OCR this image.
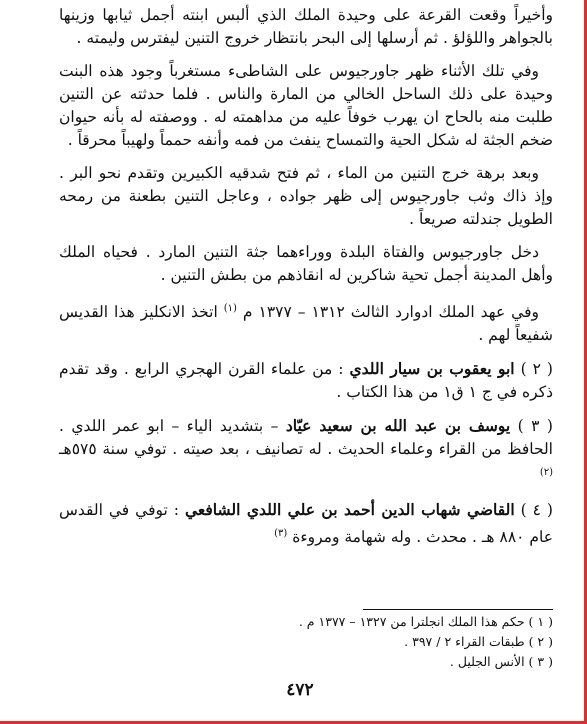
وأخيراً وقعت القرعة على وحيدة الملك الذي ألبس ابنته أجمل ثيابها وزينها بالجواهر واللؤلؤ . ثم أرسلها إلى البحر بانتظار خروج التنين ليفترس وليمته .

وفي تلك الأثناء ظهر جاورجيوس على الشاطىء مستغرباً وجود هذه البنت وحيدة على ذلك الساحل الخالي من المارة والناس . فلما حدثته عن التنين طلبت منه بالحاح ان يهرب خوفاً عليه من مداهمته له . ووصفته له بأنه حيوان ضخم الجثة له شكل الحية والتمساح ينفث من فمه وأنفه حمماً ولهيباً محرقاً .

وبعد برهة خرج التنين من الماء ، ثم فتح شدقيه الكبيرين وتقدم نحو البر . وإذ ذاك وثب جاورجيوس إلى ظهر جواده ، وعاجل التنين بطعنة من رمحه الطويل جندلته صريعاً .

دخل جاورجيوس والفتاة البلدة ووراءهما جثة التنين المارد . فحياه الملك وأهل المدينة أجمل تحية شاكرين له انقاذهم من بطش التنين .

وفي عهد الملك ادوارد الثالث ١٣١٢ – ١٣٧٧ م $^{(١)}$ اتخذ الانكليز هذا القديس شفيعاً لهم .

( ٢ ) ابو يعقوب بن سيار اللدي : من علماء القرن الهجري الرابع . وقد تقدم ذكره في ج ١ ق١ من هذا الكتاب .

( ٣ ) يوسف بن عبد الله بن سعيد عيّاد – بتشديد الياء – ابو عمر اللدي . الحافظ من القراء وعلماء الحديث . له تصانيف ، بعد صيته . توفي سنة ٥٧٥هـ $^{(٢)}$

( ٤ ) القاضي شهاب الدين أحمد بن علي اللدي الشافعي : توفي في القدس عام ٨٨٠ هـ . محدث . وله شهامة ومروءة $^{(٣)}$

( ١ ) حكم هذا الملك انجلترا من ١٣٢٧ – ١٣٧٧ م .
( ٢ ) طبقات القراء ٢ / ٣٩٧ .
( ٣ ) الأنس الجليل .
٤٧٢
